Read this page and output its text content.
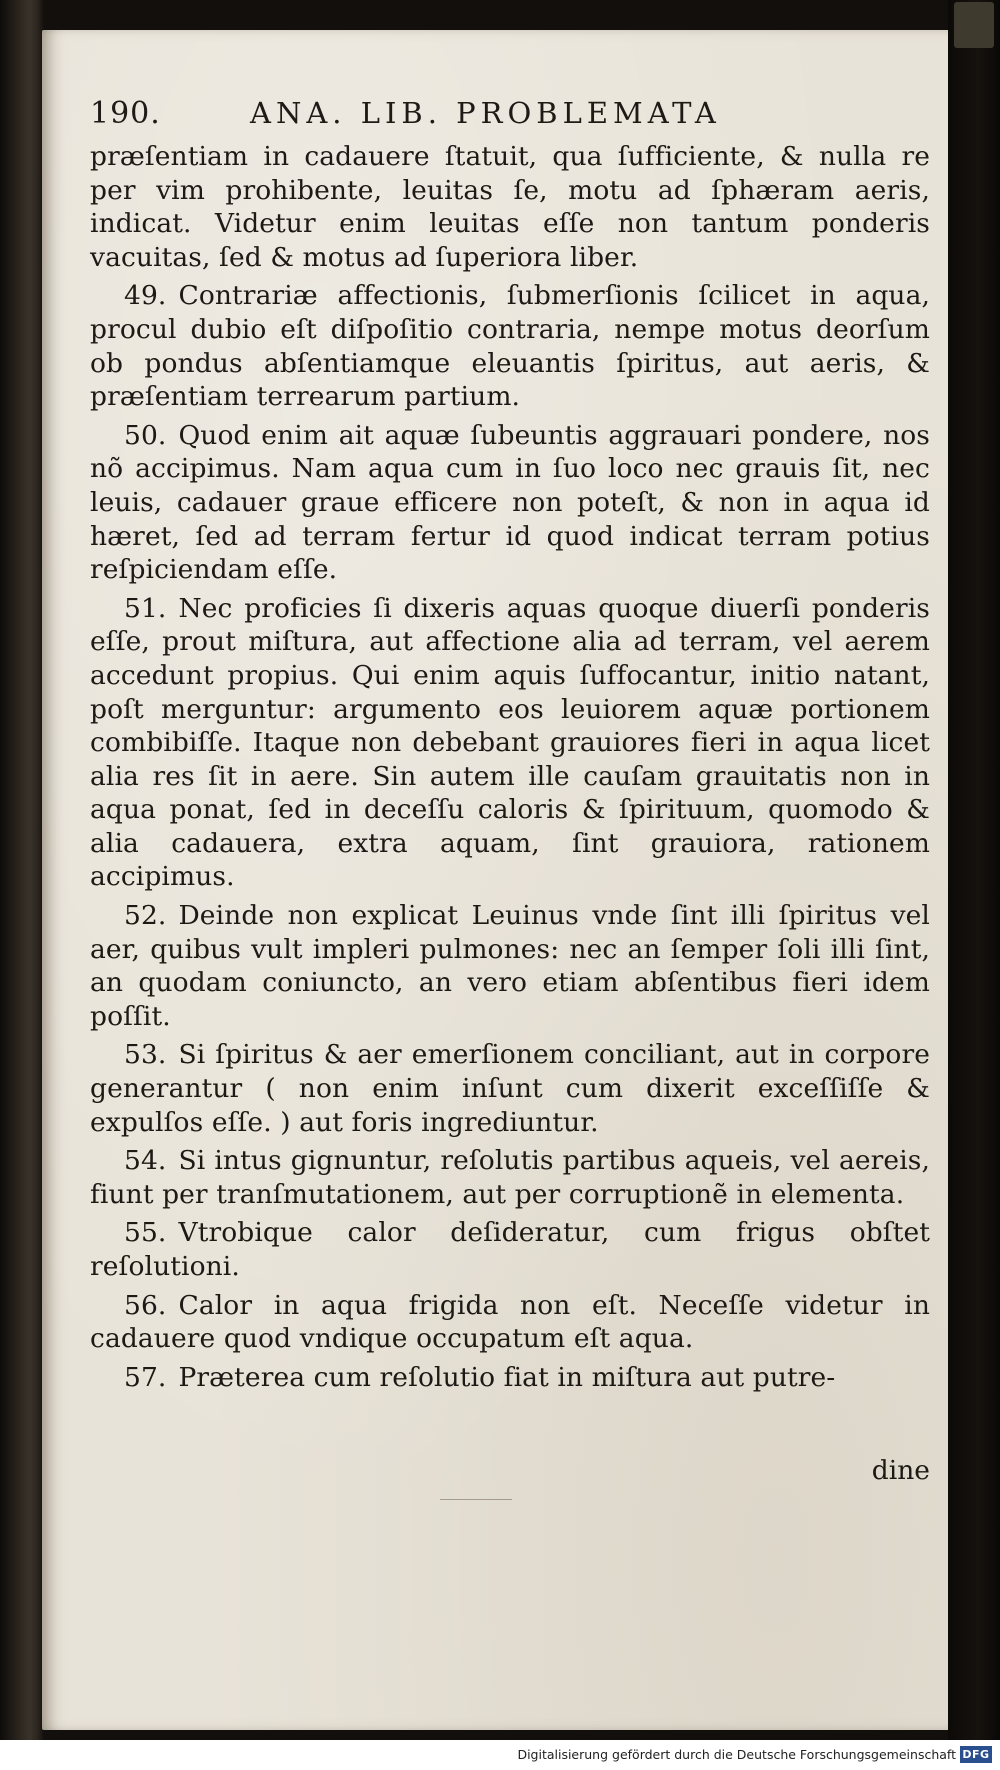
190.	ANA. LIB. PROBLEMATA

præſentiam in cadauere ſtatuit, qua ſufficiente, & nulla re per vim prohibente, leuitas ſe, motu ad ſphæram aeris, indicat. Videtur enim leuitas eſſe non tantum ponderis vacuitas, ſed & motus ad ſuperiora liber.

49. Contrariæ affectionis, ſubmerſionis ſcilicet in aqua, procul dubio eſt diſpoſitio contraria, nempe motus deorſum ob pondus abſentiamque eleuantis ſpiritus, aut aeris, & præſentiam terrearum partium.

50. Quod enim ait aquæ ſubeuntis aggrauari pondere, nos nõ accipimus. Nam aqua cum in ſuo loco nec grauis ſit, nec leuis, cadauer graue efficere non poteſt, & non in aqua id hæret, ſed ad terram fertur id quod indicat terram potius reſpiciendam eſſe.

51. Nec proficies ſi dixeris aquas quoque diuerſi ponderis eſſe, prout miſtura, aut affectione alia ad terram, vel aerem accedunt propius. Qui enim aquis ſuffocantur, initio natant, poſt merguntur: argumento eos leuiorem aquæ portionem combibiſſe. Itaque non debebant grauiores fieri in aqua licet alia res ſit in aere. Sin autem ille cauſam grauitatis non in aqua ponat, ſed in deceſſu caloris & ſpirituum, quomodo & alia cadauera, extra aquam, ſint grauiora, rationem accipimus.

52. Deinde non explicat Leuinus vnde ſint illi ſpiritus vel aer, quibus vult impleri pulmones: nec an ſemper ſoli illi ſint, an quodam coniuncto, an vero etiam abſentibus fieri idem poſſit.

53. Si ſpiritus & aer emerſionem conciliant, aut in corpore generantur ( non enim inſunt cum dixerit exceſſiſſe & expulſos eſſe. ) aut foris ingrediuntur.

54. Si intus gignuntur, reſolutis partibus aqueis, vel aereis, fiunt per tranſmutationem, aut per corruptionẽ in elementa.

55. Vtrobique calor deſideratur, cum frigus obſtet reſolutioni.

56. Calor in aqua frigida non eſt. Neceſſe videtur in cadauere quod vndique occupatum eſt aqua.

57. Præterea cum reſolutio fiat in miſtura aut putre-

dine
Digitalisierung gefördert durch die Deutsche Forschungsgemeinschaft DFG
